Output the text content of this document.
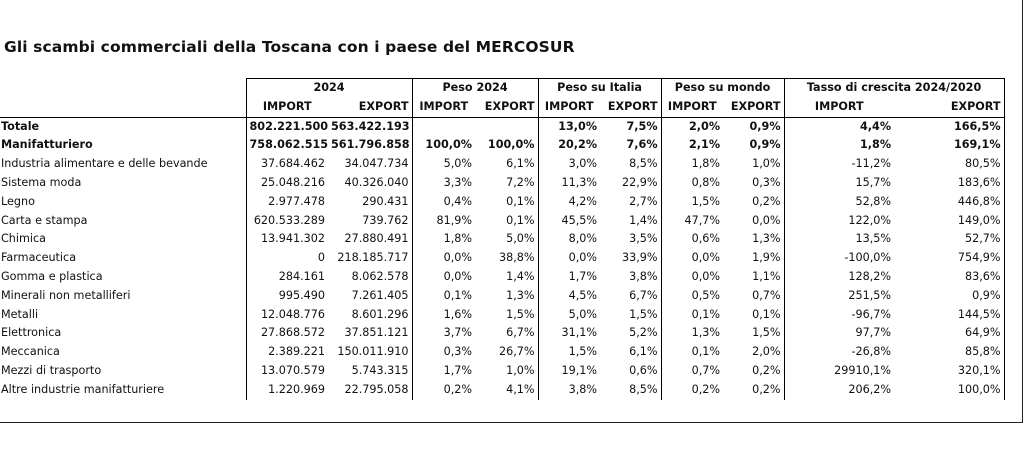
Gli scambi commerciali della Toscana con i paese del MERCOSUR
	2024		Peso 2024		Peso su Italia		Peso su mondo		Tasso di crescita 2024/2020	
	IMPORT	EXPORT	IMPORT	EXPORT	IMPORT	EXPORT	IMPORT	EXPORT	IMPORT	EXPORT
Totale	802.221.500	563.422.193			13,0%	7,5%	2,0%	0,9%	4,4%	166,5%
Manifatturiero	758.062.515	561.796.858	100,0%	100,0%	20,2%	7,6%	2,1%	0,9%	1,8%	169,1%
Industria alimentare e delle bevande	37.684.462	34.047.734	5,0%	6,1%	3,0%	8,5%	1,8%	1,0%	-11,2%	80,5%
Sistema moda	25.048.216	40.326.040	3,3%	7,2%	11,3%	22,9%	0,8%	0,3%	15,7%	183,6%
Legno	2.977.478	290.431	0,4%	0,1%	4,2%	2,7%	1,5%	0,2%	52,8%	446,8%
Carta e stampa	620.533.289	739.762	81,9%	0,1%	45,5%	1,4%	47,7%	0,0%	122,0%	149,0%
Chimica	13.941.302	27.880.491	1,8%	5,0%	8,0%	3,5%	0,6%	1,3%	13,5%	52,7%
Farmaceutica	0	218.185.717	0,0%	38,8%	0,0%	33,9%	0,0%	1,9%	-100,0%	754,9%
Gomma e plastica	284.161	8.062.578	0,0%	1,4%	1,7%	3,8%	0,0%	1,1%	128,2%	83,6%
Minerali non metalliferi	995.490	7.261.405	0,1%	1,3%	4,5%	6,7%	0,5%	0,7%	251,5%	0,9%
Metalli	12.048.776	8.601.296	1,6%	1,5%	5,0%	1,5%	0,1%	0,1%	-96,7%	144,5%
Elettronica	27.868.572	37.851.121	3,7%	6,7%	31,1%	5,2%	1,3%	1,5%	97,7%	64,9%
Meccanica	2.389.221	150.011.910	0,3%	26,7%	1,5%	6,1%	0,1%	2,0%	-26,8%	85,8%
Mezzi di trasporto	13.070.579	5.743.315	1,7%	1,0%	19,1%	0,6%	0,7%	0,2%	29910,1%	320,1%
Altre industrie manifatturiere	1.220.969	22.795.058	0,2%	4,1%	3,8%	8,5%	0,2%	0,2%	206,2%	100,0%
